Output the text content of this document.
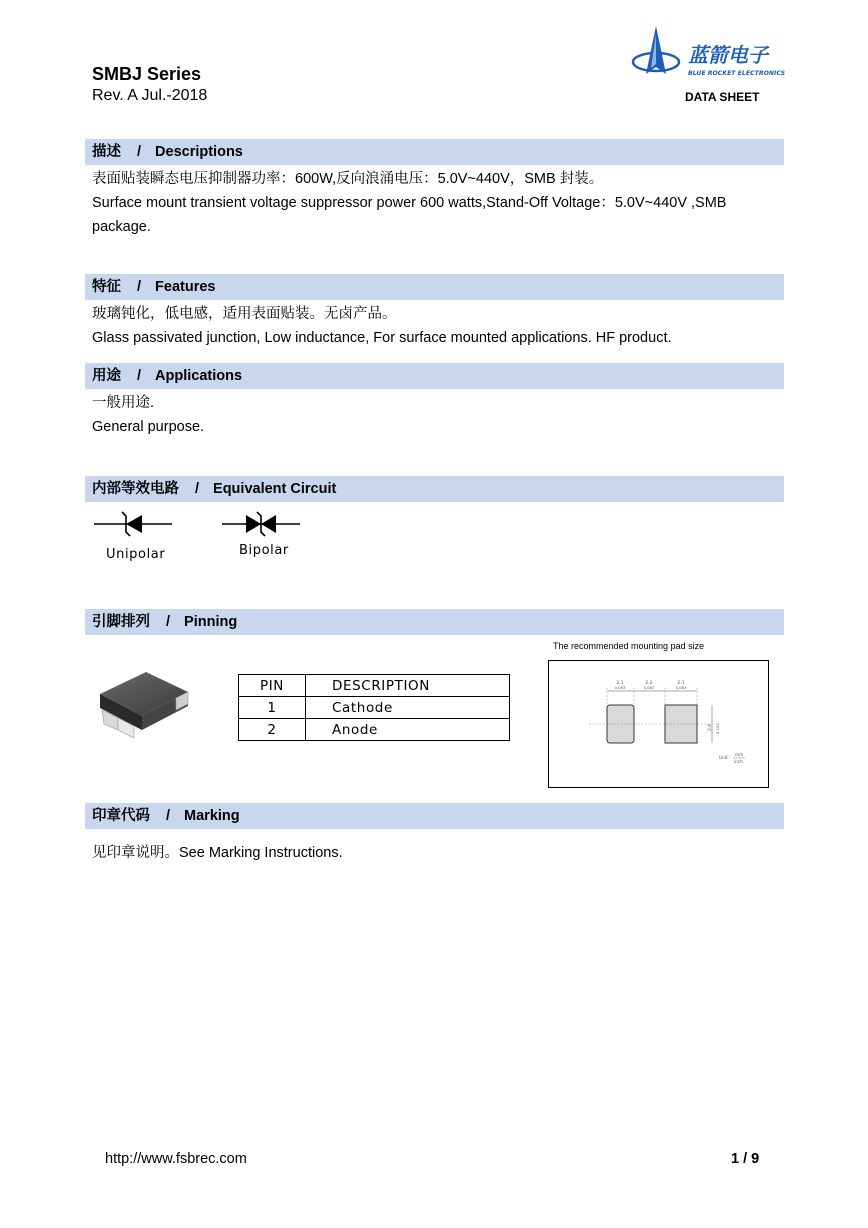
SMBJ Series
Rev. A Jul.-2018
蓝箭电子
BLUE ROCKET ELECTRONICS
DATA SHEET
描述 / Descriptions
表面贴装瞬态电压抑制器功率：600W,反向浪涌电压：5.0V~440V，SMB 封装。
Surface mount transient voltage suppressor power 600 watts,Stand-Off Voltage：5.0V~440V ,SMB
package.
特征 / Features
玻璃钝化，低电感，适用表面贴装。无卤产品。
Glass passivated junction, Low inductance, For surface mounted applications. HF product.
用途 / Applications
一般用途.
General purpose.
内部等效电路 / Equivalent Circuit
Unipolar	Bipolar
引脚排列 / Pinning
PIN	DESCRIPTION
1	Cathode
2	Anode
The recommended mounting pad size
2.1
0.083
2.2
0.087
2.1
0.083
2.6 0.102
Unit :
mm
inch
印章代码 / Marking
见印章说明。See Marking Instructions.
http://www.fsbrec.com	1 / 9
